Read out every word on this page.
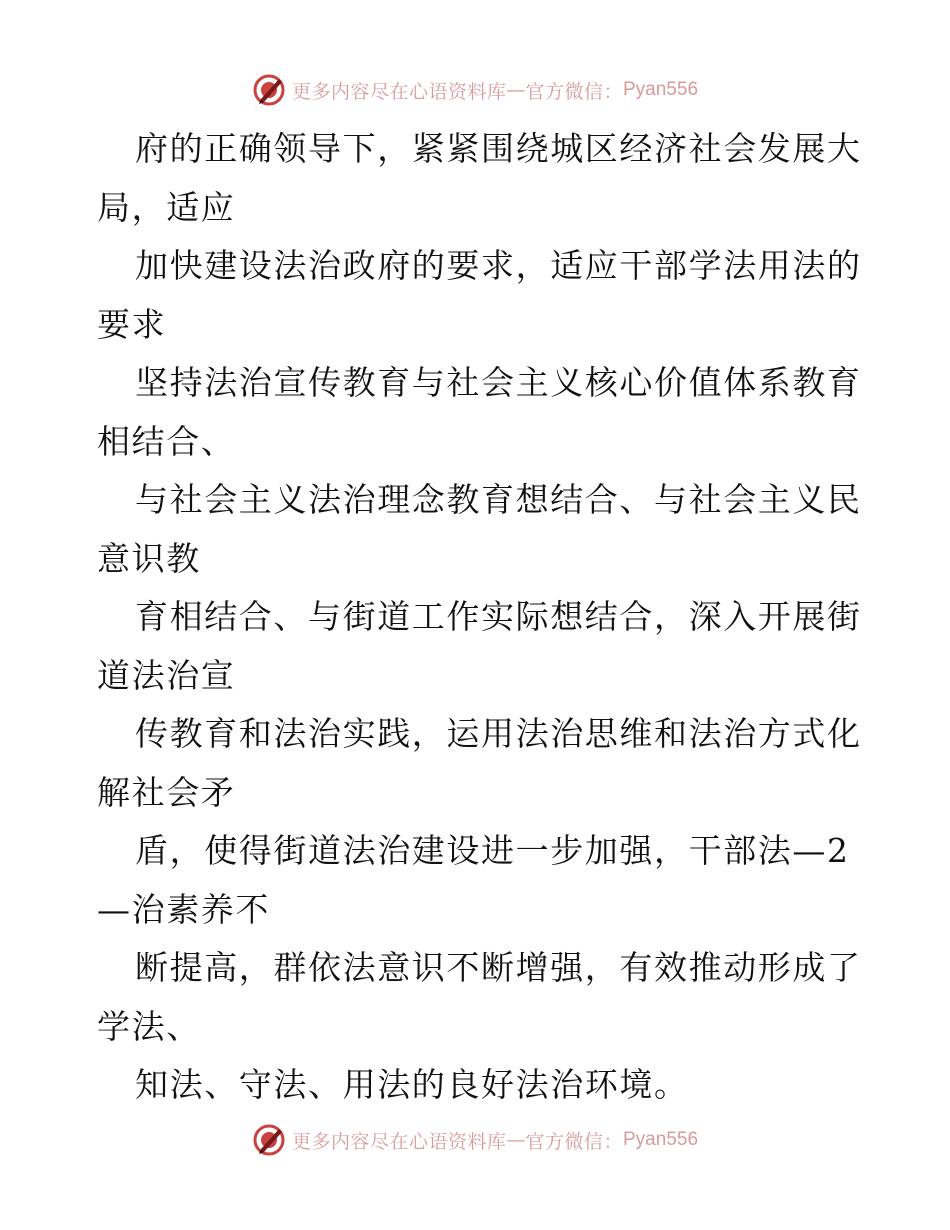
更多内容尽在心语资料库 — 官方微信： Pyan556
府的正确领导下，紧紧围绕城区经济社会发展大
局，适应
加快建设法治政府的要求，适应干部学法用法的
要求
坚持法治宣传教育与社会主义核心价值体系教育
相结合、
与社会主义法治理念教育想结合、与社会主义民
意识教
育相结合、与街道工作实际想结合，深入开展街
道法治宣
传教育和法治实践，运用法治思维和法治方式化
解社会矛
盾，使得街道法治建设进一步加强，干部法—2
—治素养不
断提高，群依法意识不断增强，有效推动形成了
学法、
知法、守法、用法的良好法治环境。
更多内容尽在心语资料库 — 官方微信： Pyan556
